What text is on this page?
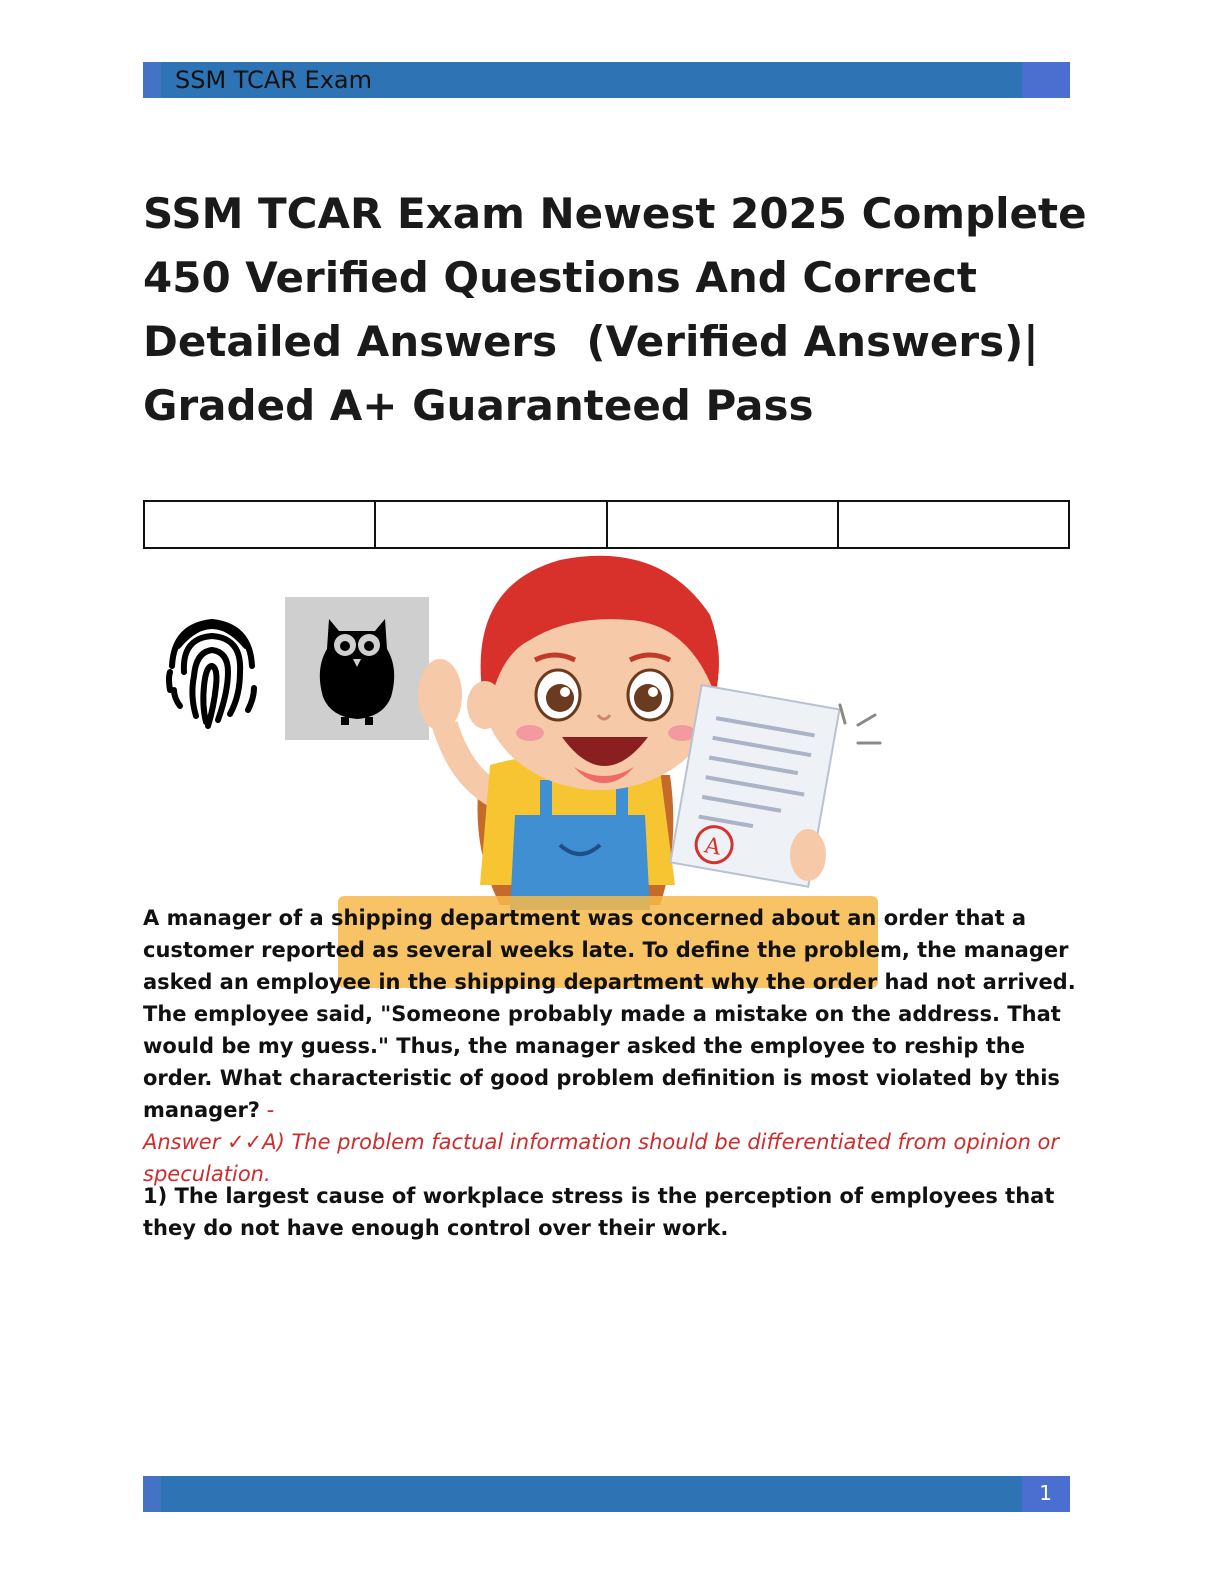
SSM TCAR Exam
SSM TCAR Exam Newest 2025 Complete
450 Verified Questions And Correct
Detailed Answers  (Verified Answers)|
Graded A+ Guaranteed Pass
A

A manager of a shipping department was concerned about an order that a customer reported as several weeks late. To define the problem, the manager asked an employee in the shipping department why the order had not arrived. The employee said, "Someone probably made a mistake on the address. That would be my guess." Thus, the manager asked the employee to reship the order. What characteristic of good problem definition is most violated by this manager? -
Answer ✓✓A) The problem factual information should be differentiated from opinion or speculation.

1) The largest cause of workplace stress is the perception of employees that they do not have enough control over their work.

1
